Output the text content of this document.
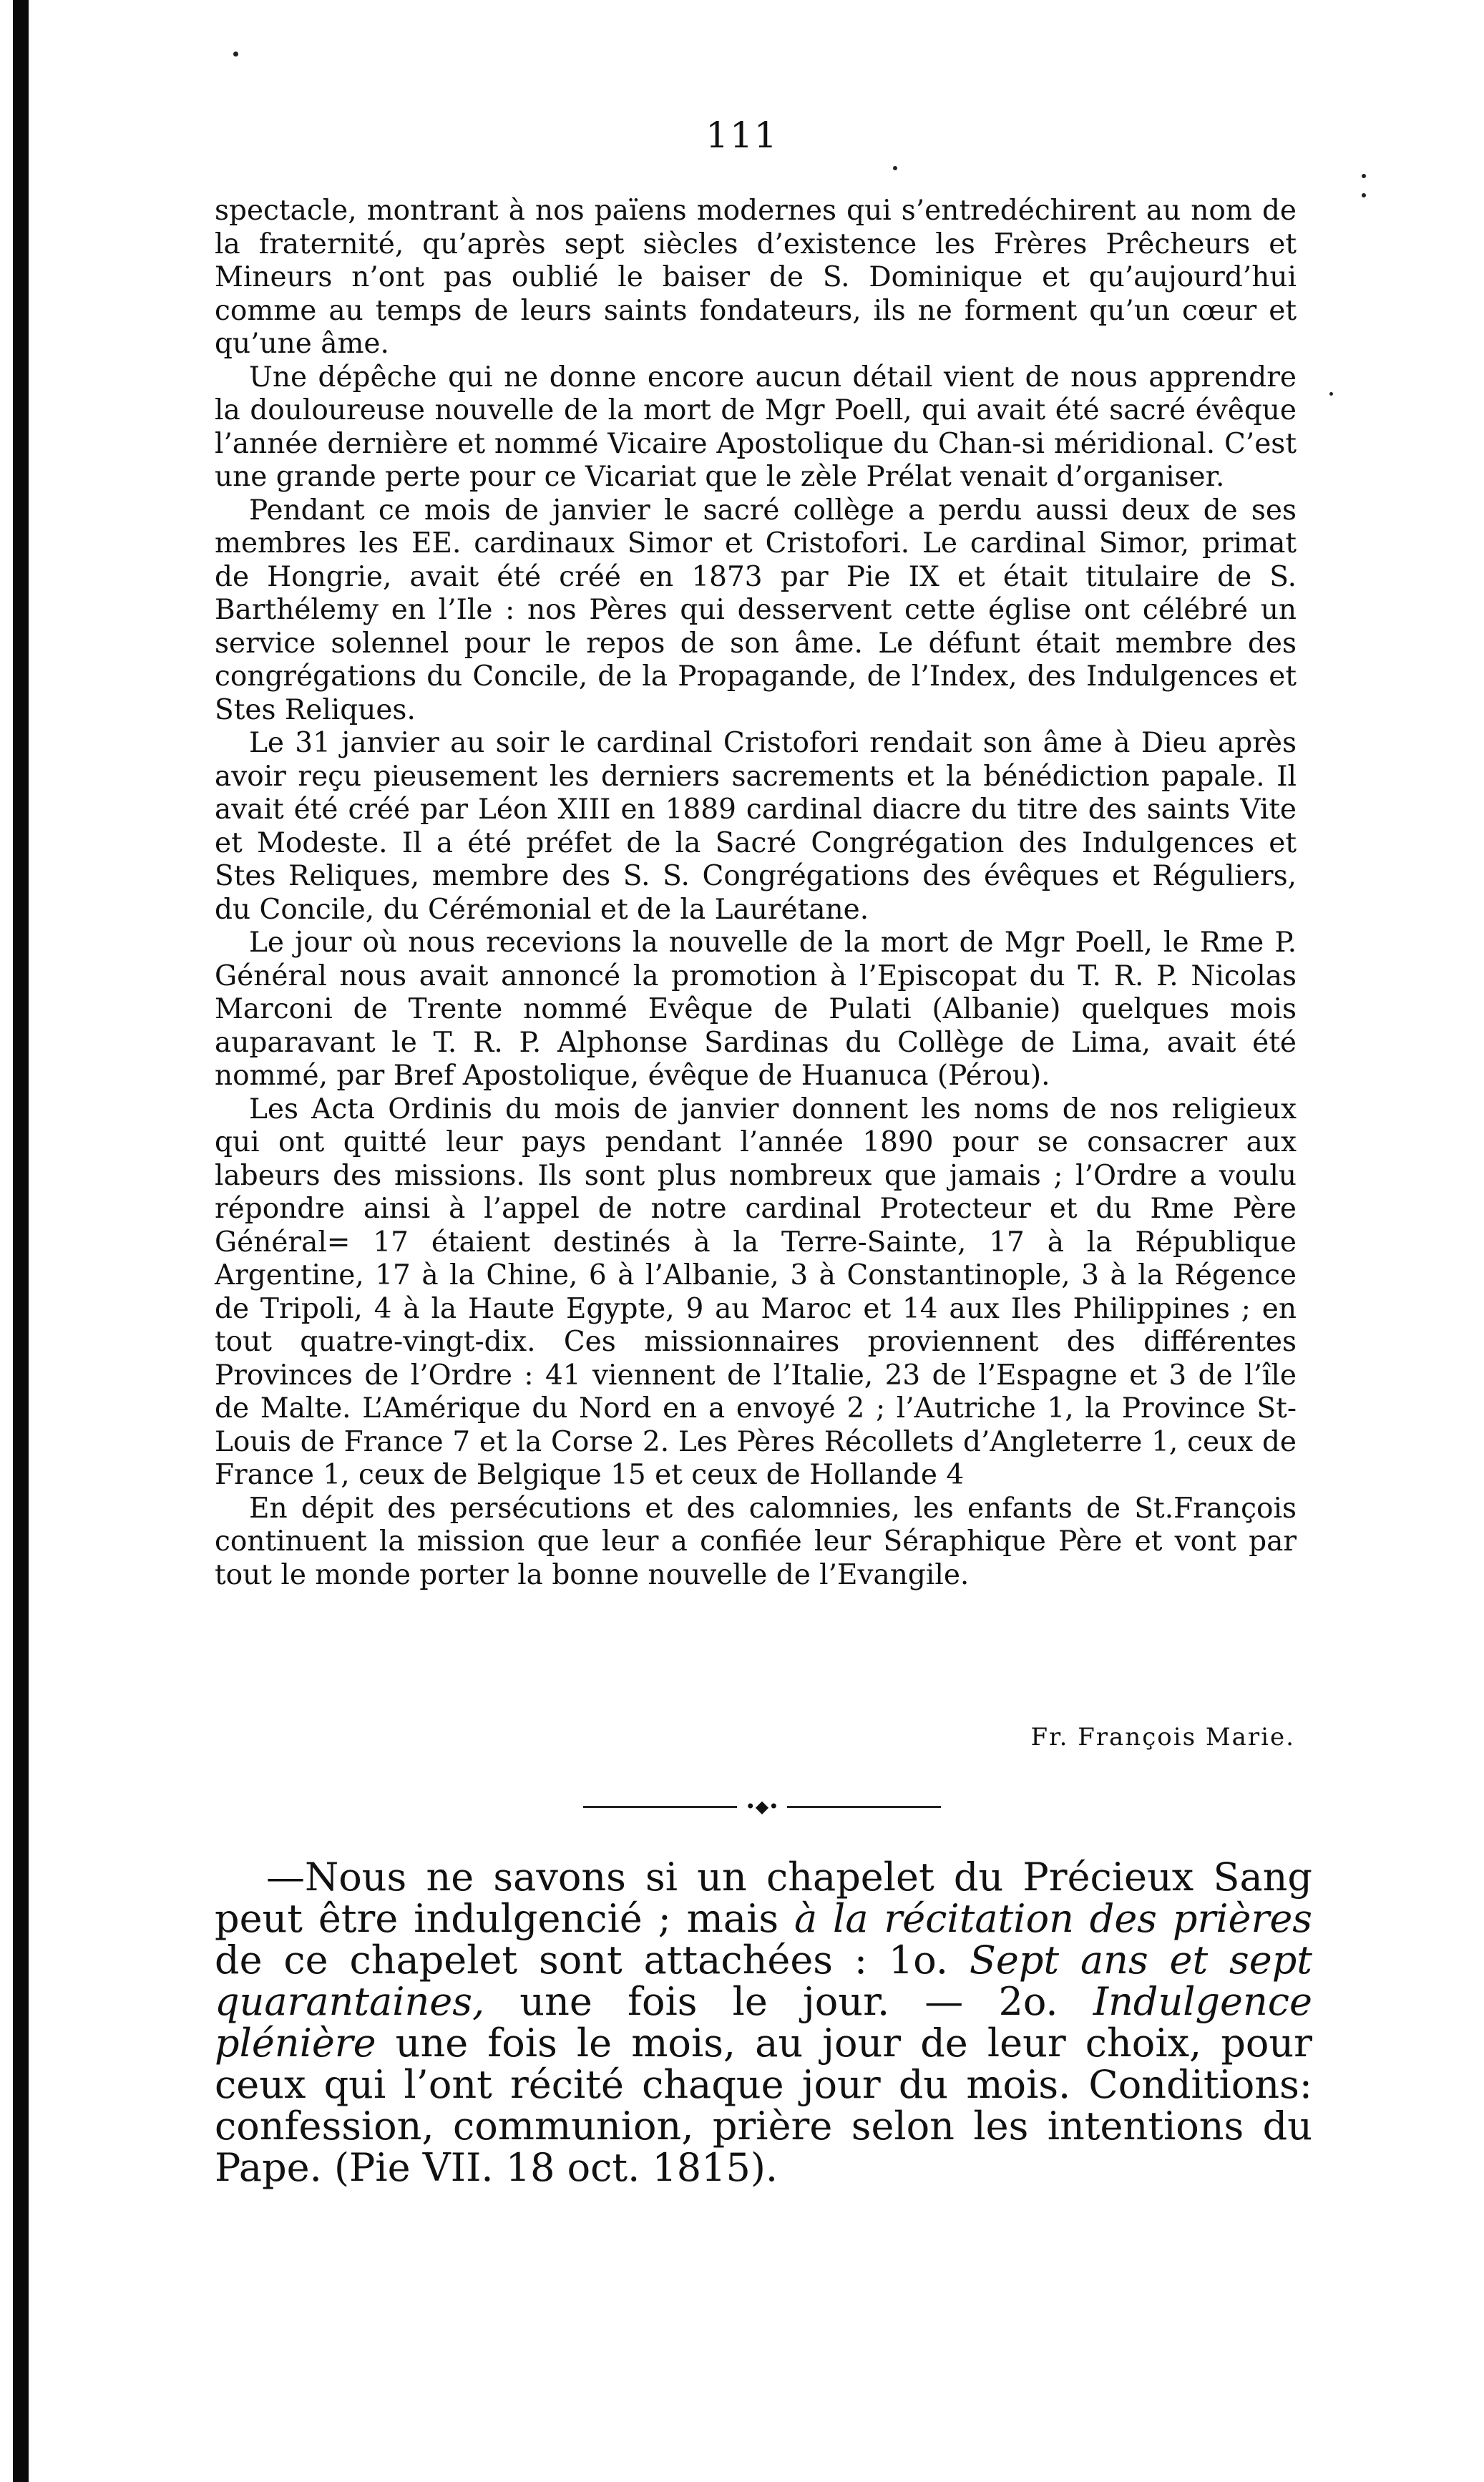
111

spectacle, montrant à nos païens modernes qui s’entredéchirent au nom de la fraternité, qu’après sept siècles d’existence les Frères Prêcheurs et Mineurs n’ont pas oublié le baiser de S. Dominique et qu’aujourd’hui comme au temps de leurs saints fondateurs, ils ne forment qu’un cœur et qu’une âme.

Une dépêche qui ne donne encore aucun détail vient de nous apprendre la douloureuse nouvelle de la mort de Mgr Poell, qui avait été sacré évêque l’année dernière et nommé Vicaire Apostolique du Chan-si méridional. C’est une grande perte pour ce Vicariat que le zèle Prélat venait d’organiser.

Pendant ce mois de janvier le sacré collège a perdu aussi deux de ses membres les EE. cardinaux Simor et Cristofori. Le cardinal Simor, primat de Hongrie, avait été créé en 1873 par Pie IX et était titulaire de S. Barthélemy en l’Ile : nos Pères qui desservent cette église ont célébré un service solennel pour le repos de son âme. Le défunt était membre des congrégations du Concile, de la Propagande, de l’Index, des Indulgences et Stes Reliques.

Le 31 janvier au soir le cardinal Cristofori rendait son âme à Dieu après avoir reçu pieusement les derniers sacrements et la bénédiction papale. Il avait été créé par Léon XIII en 1889 cardinal diacre du titre des saints Vite et Modeste. Il a été préfet de la Sacré Congrégation des Indulgences et Stes Reliques, membre des S. S. Congrégations des évêques et Réguliers, du Concile, du Cérémonial et de la Laurétane.

Le jour où nous recevions la nouvelle de la mort de Mgr Poell, le Rme P. Général nous avait annoncé la promotion à l’Episcopat du T. R. P. Nicolas Marconi de Trente nommé Evêque de Pulati (Albanie) quelques mois auparavant le T. R. P. Alphonse Sardinas du Collège de Lima, avait été nommé, par Bref Apostolique, évêque de Huanuca (Pérou).

Les Acta Ordinis du mois de janvier donnent les noms de nos religieux qui ont quitté leur pays pendant l’année 1890 pour se consacrer aux labeurs des missions. Ils sont plus nombreux que jamais ; l’Ordre a voulu répondre ainsi à l’appel de notre cardinal Protecteur et du Rme Père Général= 17 étaient destinés à la Terre-Sainte, 17 à la République Argentine, 17 à la Chine, 6 à l’Albanie, 3 à Constantinople, 3 à la Régence de Tripoli, 4 à la Haute Egypte, 9 au Maroc et 14 aux Iles Philippines ; en tout quatre-vingt-dix. Ces missionnaires proviennent des différentes Provinces de l’Ordre : 41 viennent de l’Italie, 23 de l’Espagne et 3 de l’île de Malte. L’Amérique du Nord en a envoyé 2 ; l’Autriche 1, la Province St-Louis de France 7 et la Corse 2. Les Pères Récollets d’Angleterre 1, ceux de France 1, ceux de Belgique 15 et ceux de Hollande 4

En dépit des persécutions et des calomnies, les enfants de St.François continuent la mission que leur a confiée leur Séraphique Père et vont par tout le monde porter la bonne nouvelle de l’Evangile.

Fr. François Marie.
•◆•

—Nous ne savons si un chapelet du Précieux Sang peut être indulgencié ; mais à la récitation des prières de ce chapelet sont attachées : 1o. Sept ans et sept quarantaines, une fois le jour. — 2o. Indulgence plénière une fois le mois, au jour de leur choix, pour ceux qui l’ont récité chaque jour du mois. Conditions: confession, communion, prière selon les intentions du Pape. (Pie VII. 18 oct. 1815).
